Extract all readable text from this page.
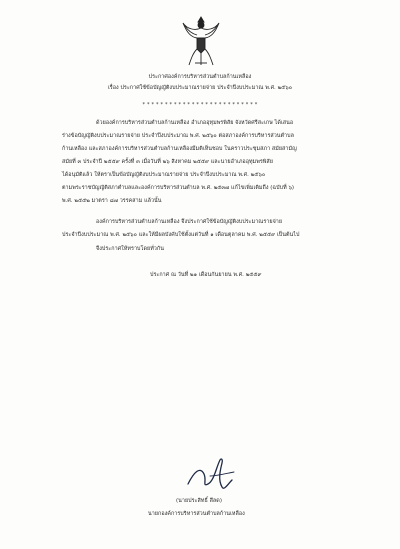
ประกาศองค์การบริหารส่วนตำบลก้านเหลือง
เรื่อง ประกาศใช้ข้อบัญญัติงบประมาณรายจ่าย ประจำปีงบประมาณ พ.ศ. ๒๕๖๐
* * * * * * * * * * * * * * * * * * * * * * * * * *
ด้วยองค์การบริหารส่วนตำบลก้านเหลือง อำเภออุทุมพรพิสัย จังหวัดศรีสะเกษ ได้เสนอ
ร่างข้อบัญญัติงบประมาณรายจ่าย ประจำปีงบประมาณ พ.ศ. ๒๕๖๐ ต่อสภาองค์การบริหารส่วนตำบล
ก้านเหลือง และสภาองค์การบริหารส่วนตำบลก้านเหลืองมีมติเห็นชอบ ในคราวประชุมสภา สมัยสามัญ
สมัยที่ ๓ ประจำปี ๒๕๕๙ ครั้งที่ ๓ เมื่อวันที่ ๒๖ สิงหาคม ๒๕๕๙ และนายอำเภออุทุมพรพิสัย
ได้อนุมัติแล้ว ให้ตราเป็นข้อบัญญัติงบประมาณรายจ่าย ประจำปีงบประมาณ พ.ศ. ๒๕๖๐
ตามพระราชบัญญัติสภาตำบลและองค์การบริหารส่วนตำบล พ.ศ. ๒๕๓๗ แก้ไขเพิ่มเติมถึง (ฉบับที่ ๖)
พ.ศ. ๒๕๕๒ มาตรา ๘๗ วรรคสาม แล้วนั้น
องค์การบริหารส่วนตำบลก้านเหลือง จึงประกาศใช้ข้อบัญญัติงบประมาณรายจ่าย
ประจำปีงบประมาณ พ.ศ. ๒๕๖๐ และให้มีผลบังคับใช้ตั้งแต่วันที่ ๑ เดือนตุลาคม พ.ศ. ๒๕๕๙ เป็นต้นไป
จึงประกาศให้ทราบโดยทั่วกัน
ประกาศ ณ วันที่ ๒๑ เดือนกันยายน พ.ศ. ๒๕๕๙
(นายประสิทธิ์ สีลด)
นายกองค์การบริหารส่วนตำบลก้านเหลือง
